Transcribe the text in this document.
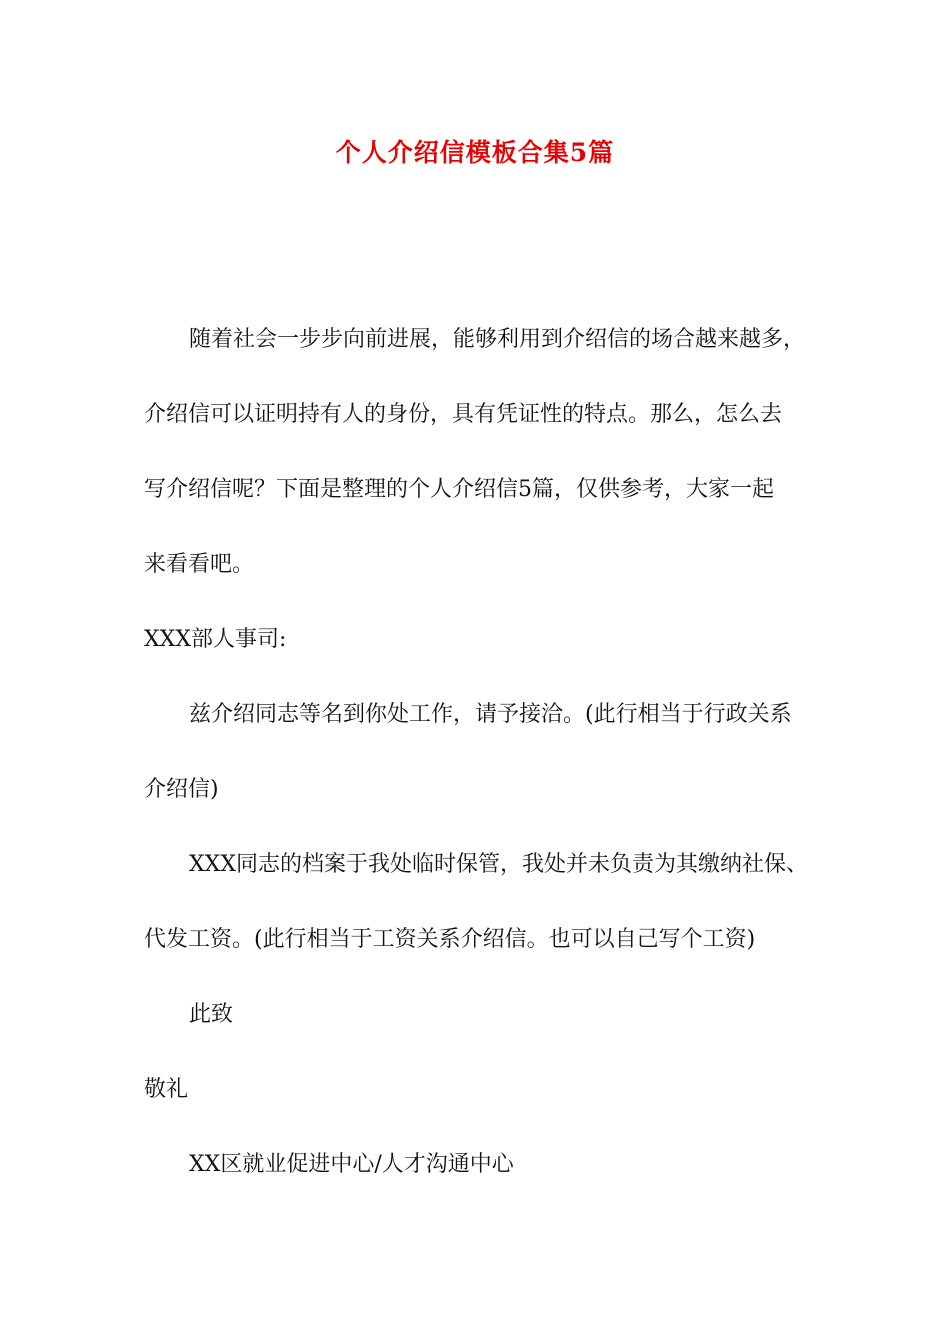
个人介绍信模板合集5篇
随着社会一步步向前进展，能够利用到介绍信的场合越来越多，
介绍信可以证明持有人的身份，具有凭证性的特点。那么，怎么去
写介绍信呢？下面是整理的个人介绍信5篇，仅供参考，大家一起
来看看吧。
XXX部人事司:
兹介绍同志等名到你处工作，请予接洽。(此行相当于行政关系
介绍信)
XXX同志的档案于我处临时保管，我处并未负责为其缴纳社保、
代发工资。(此行相当于工资关系介绍信。也可以自己写个工资)
此致
敬礼
XX区就业促进中心/人才沟通中心
